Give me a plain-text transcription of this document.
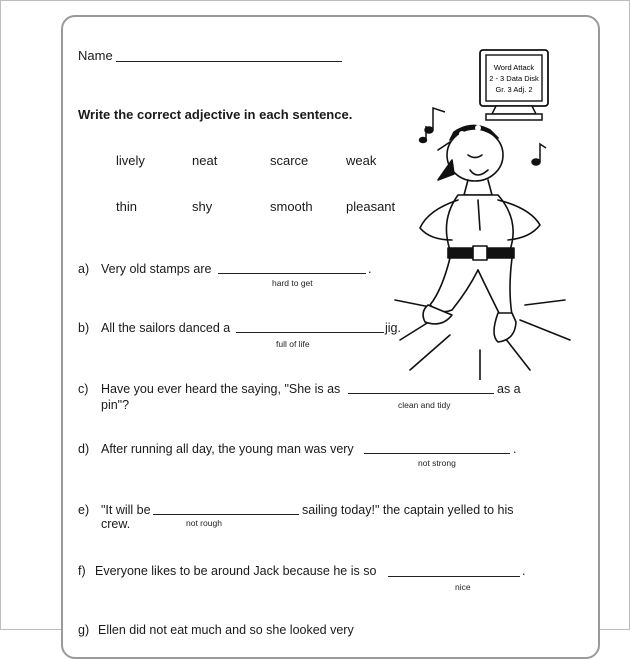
Name
Word Attack
2 - 3 Data Disk
Gr. 3 Adj. 2
Write the correct adjective in each sentence.
lively	neat	scarce	weak
thin	shy	smooth	pleasant
a) Very old stamps are	.
hard to get
b) All the sailors danced a	jig.
full of life
c) Have you ever heard the saying, "She is as	as a
pin"?	clean and tidy
d) After running all day, the young man was very	.
not strong
e) "It will be	sailing today!" the captain yelled to his
crew.	not rough
f) Everyone likes to be around Jack because he is so	.
nice
g) Ellen did not eat much and so she looked very
